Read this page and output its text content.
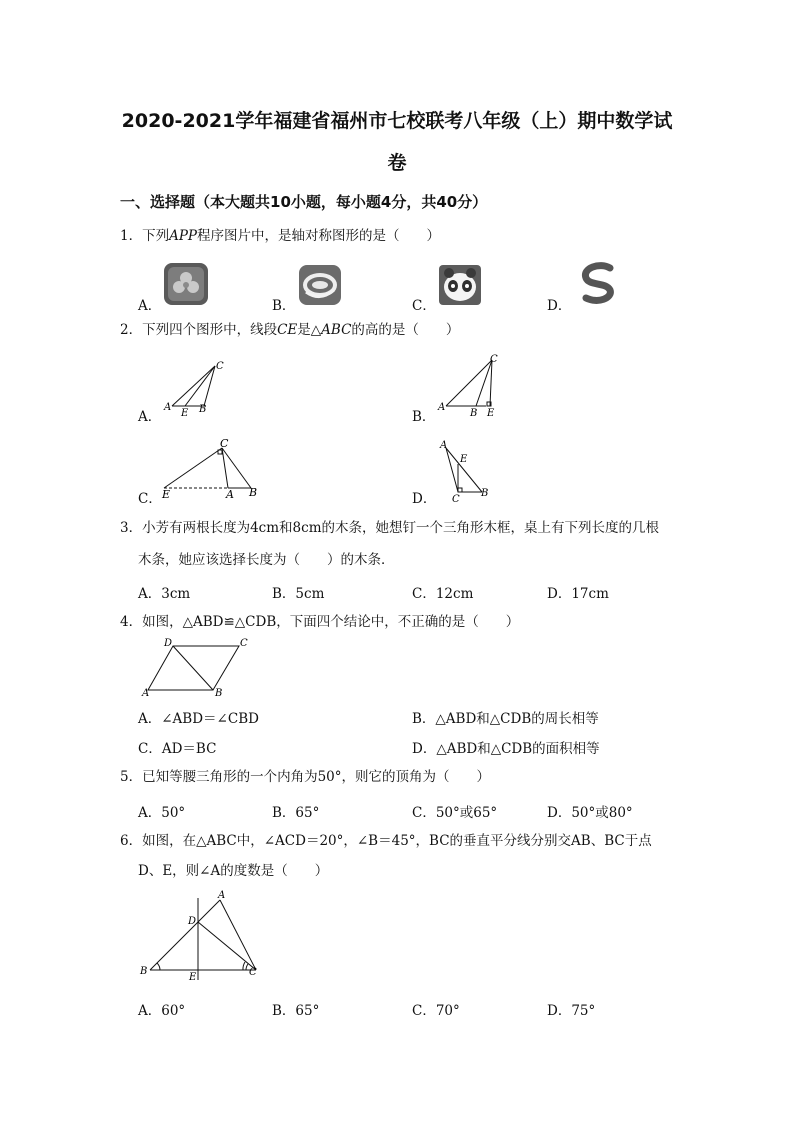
2020-2021学年福建省福州市七校联考八年级（上）期中数学试
卷
一、选择题（本大题共10小题，每小题4分，共40分）
1．下列APP程序图片中，是轴对称图形的是（　　）
A．	B．	C．	D．
2．下列四个图形中，线段CE是△ABC的高的是（　　）
A．	B．
C．	D．
A
E B
C
A
B E
C
E	A B
C	A
E
C
B
3．小芳有两根长度为4cm和8cm的木条，她想钉一个三角形木框，桌上有下列长度的几根
木条，她应该选择长度为（　　）的木条．
A．3cm	B．5cm	C．12cm	D．17cm
4．如图，△ABD≌△CDB，下面四个结论中，不正确的是（　　）
D	C
A	B
A．∠ABD＝∠CBD	B．△ABD和△CDB的周长相等
C．AD＝BC	D．△ABD和△CDB的面积相等
5．已知等腰三角形的一个内角为50°，则它的顶角为（　　）
A．50°	B．65°	C．50°或65°	D．50°或80°
6．如图，在△ABC中，∠ACD＝20°，∠B＝45°，BC的垂直平分线分别交AB、BC于点
D、E，则∠A的度数是（　　）
A
D
B
E	C
A．60°	B．65°	C．70°	D．75°
